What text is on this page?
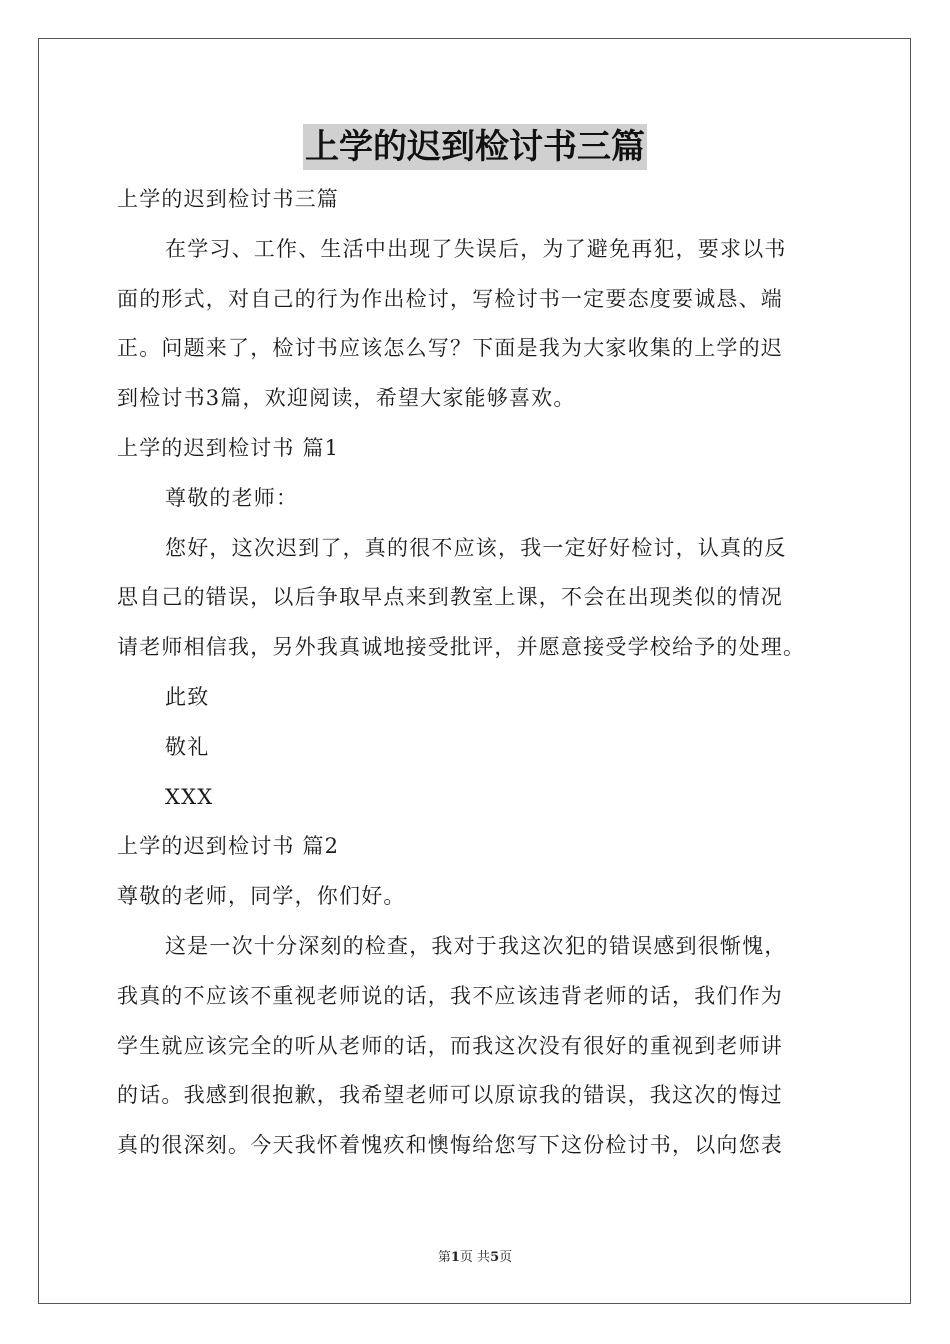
上学的迟到检讨书三篇
上学的迟到检讨书三篇
在学习、工作、生活中出现了失误后，为了避免再犯，要求以书
面的形式，对自己的行为作出检讨，写检讨书一定要态度要诚恳、端
正。问题来了，检讨书应该怎么写？下面是我为大家收集的上学的迟
到检讨书3篇，欢迎阅读，希望大家能够喜欢。
上学的迟到检讨书 篇1
尊敬的老师：
您好，这次迟到了，真的很不应该，我一定好好检讨，认真的反
思自己的错误，以后争取早点来到教室上课，不会在出现类似的情况
请老师相信我，另外我真诚地接受批评，并愿意接受学校给予的处理。
此致
敬礼
XXX
上学的迟到检讨书 篇2
尊敬的老师，同学，你们好。
这是一次十分深刻的检查，我对于我这次犯的错误感到很惭愧，
我真的不应该不重视老师说的话，我不应该违背老师的话，我们作为
学生就应该完全的听从老师的话，而我这次没有很好的重视到老师讲
的话。我感到很抱歉，我希望老师可以原谅我的错误，我这次的悔过
真的很深刻。今天我怀着愧疚和懊悔给您写下这份检讨书，以向您表
第1页 共5页
